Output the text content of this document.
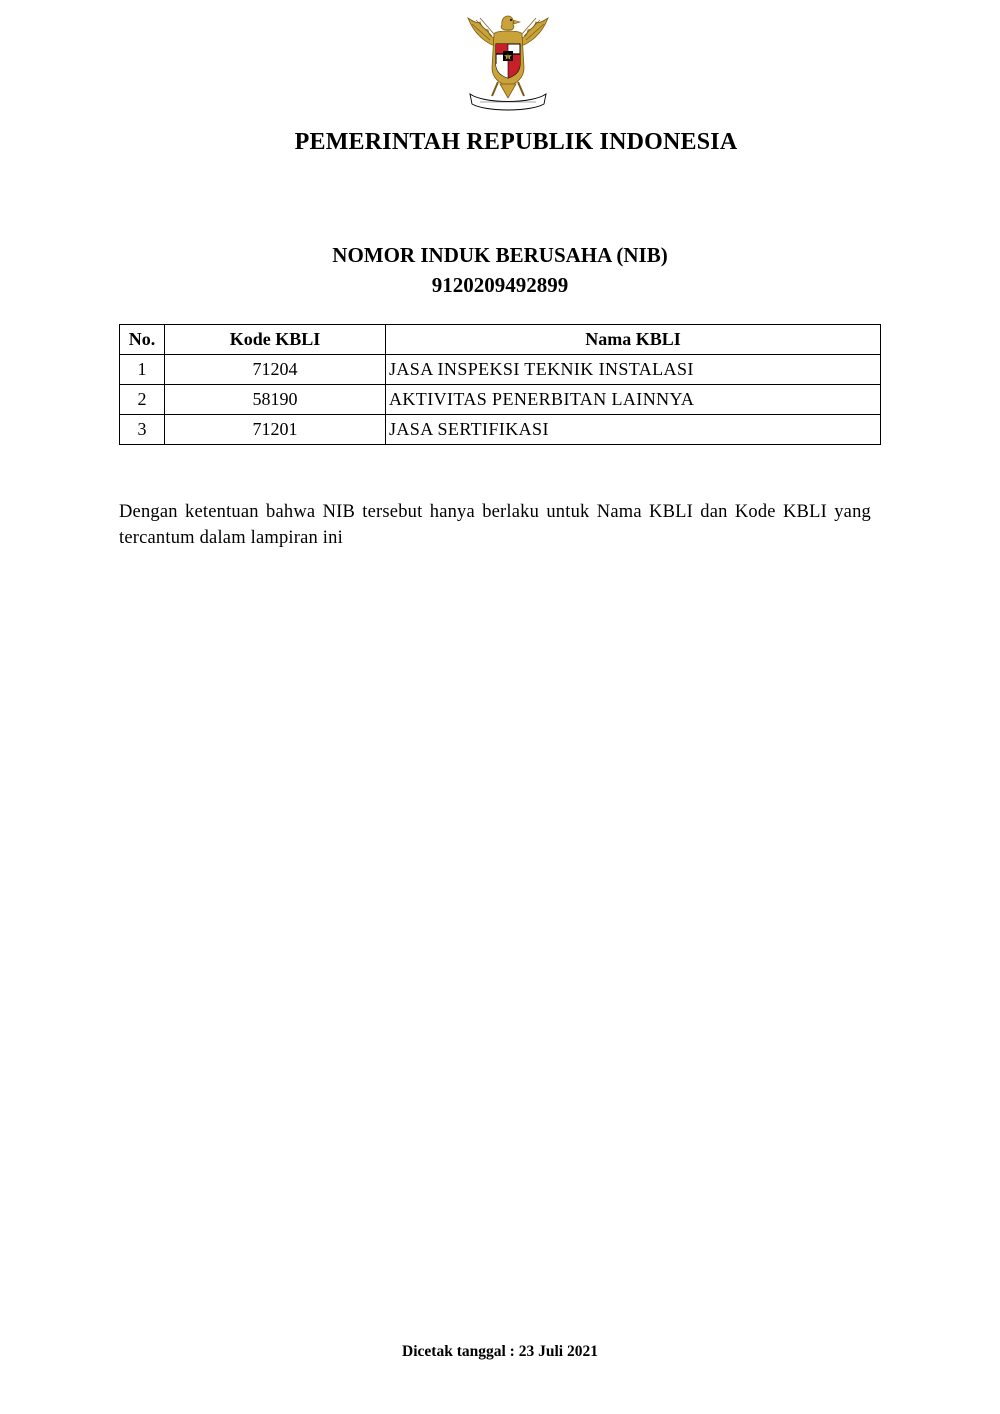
PEMERINTAH REPUBLIK INDONESIA
NOMOR INDUK BERUSAHA (NIB)
9120209492899
No.	Kode KBLI	Nama KBLI
1	71204	JASA INSPEKSI TEKNIK INSTALASI
2	58190	AKTIVITAS PENERBITAN LAINNYA
3	71201	JASA SERTIFIKASI
Dengan ketentuan bahwa NIB tersebut hanya berlaku untuk Nama KBLI dan Kode KBLI yang tercantum dalam lampiran ini
Dicetak tanggal : 23 Juli 2021
